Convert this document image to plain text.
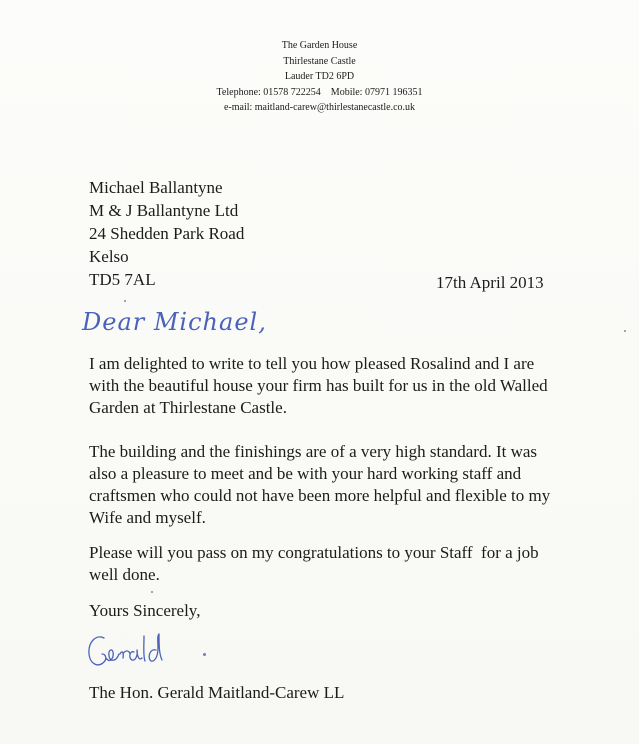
The Garden House
Thirlestane Castle
Lauder TD2 6PD
Telephone: 01578 722254    Mobile: 07971 196351
e-mail: maitland-carew@thirlestanecastle.co.uk
Michael Ballantyne
M & J Ballantyne Ltd
24 Shedden Park Road
Kelso
TD5 7AL	17th April 2013
Dear Michael,
I am delighted to write to tell you how pleased Rosalind and I are with the beautiful house your firm has built for us in the old Walled Garden at Thirlestane Castle.
The building and the finishings are of a very high standard. It was also a pleasure to meet and be with your hard working staff and craftsmen who could not have been more helpful and flexible to my Wife and myself.
Please will you pass on my congratulations to your Staff  for a job well done.
Yours Sincerely,
The Hon. Gerald Maitland-Carew LL
